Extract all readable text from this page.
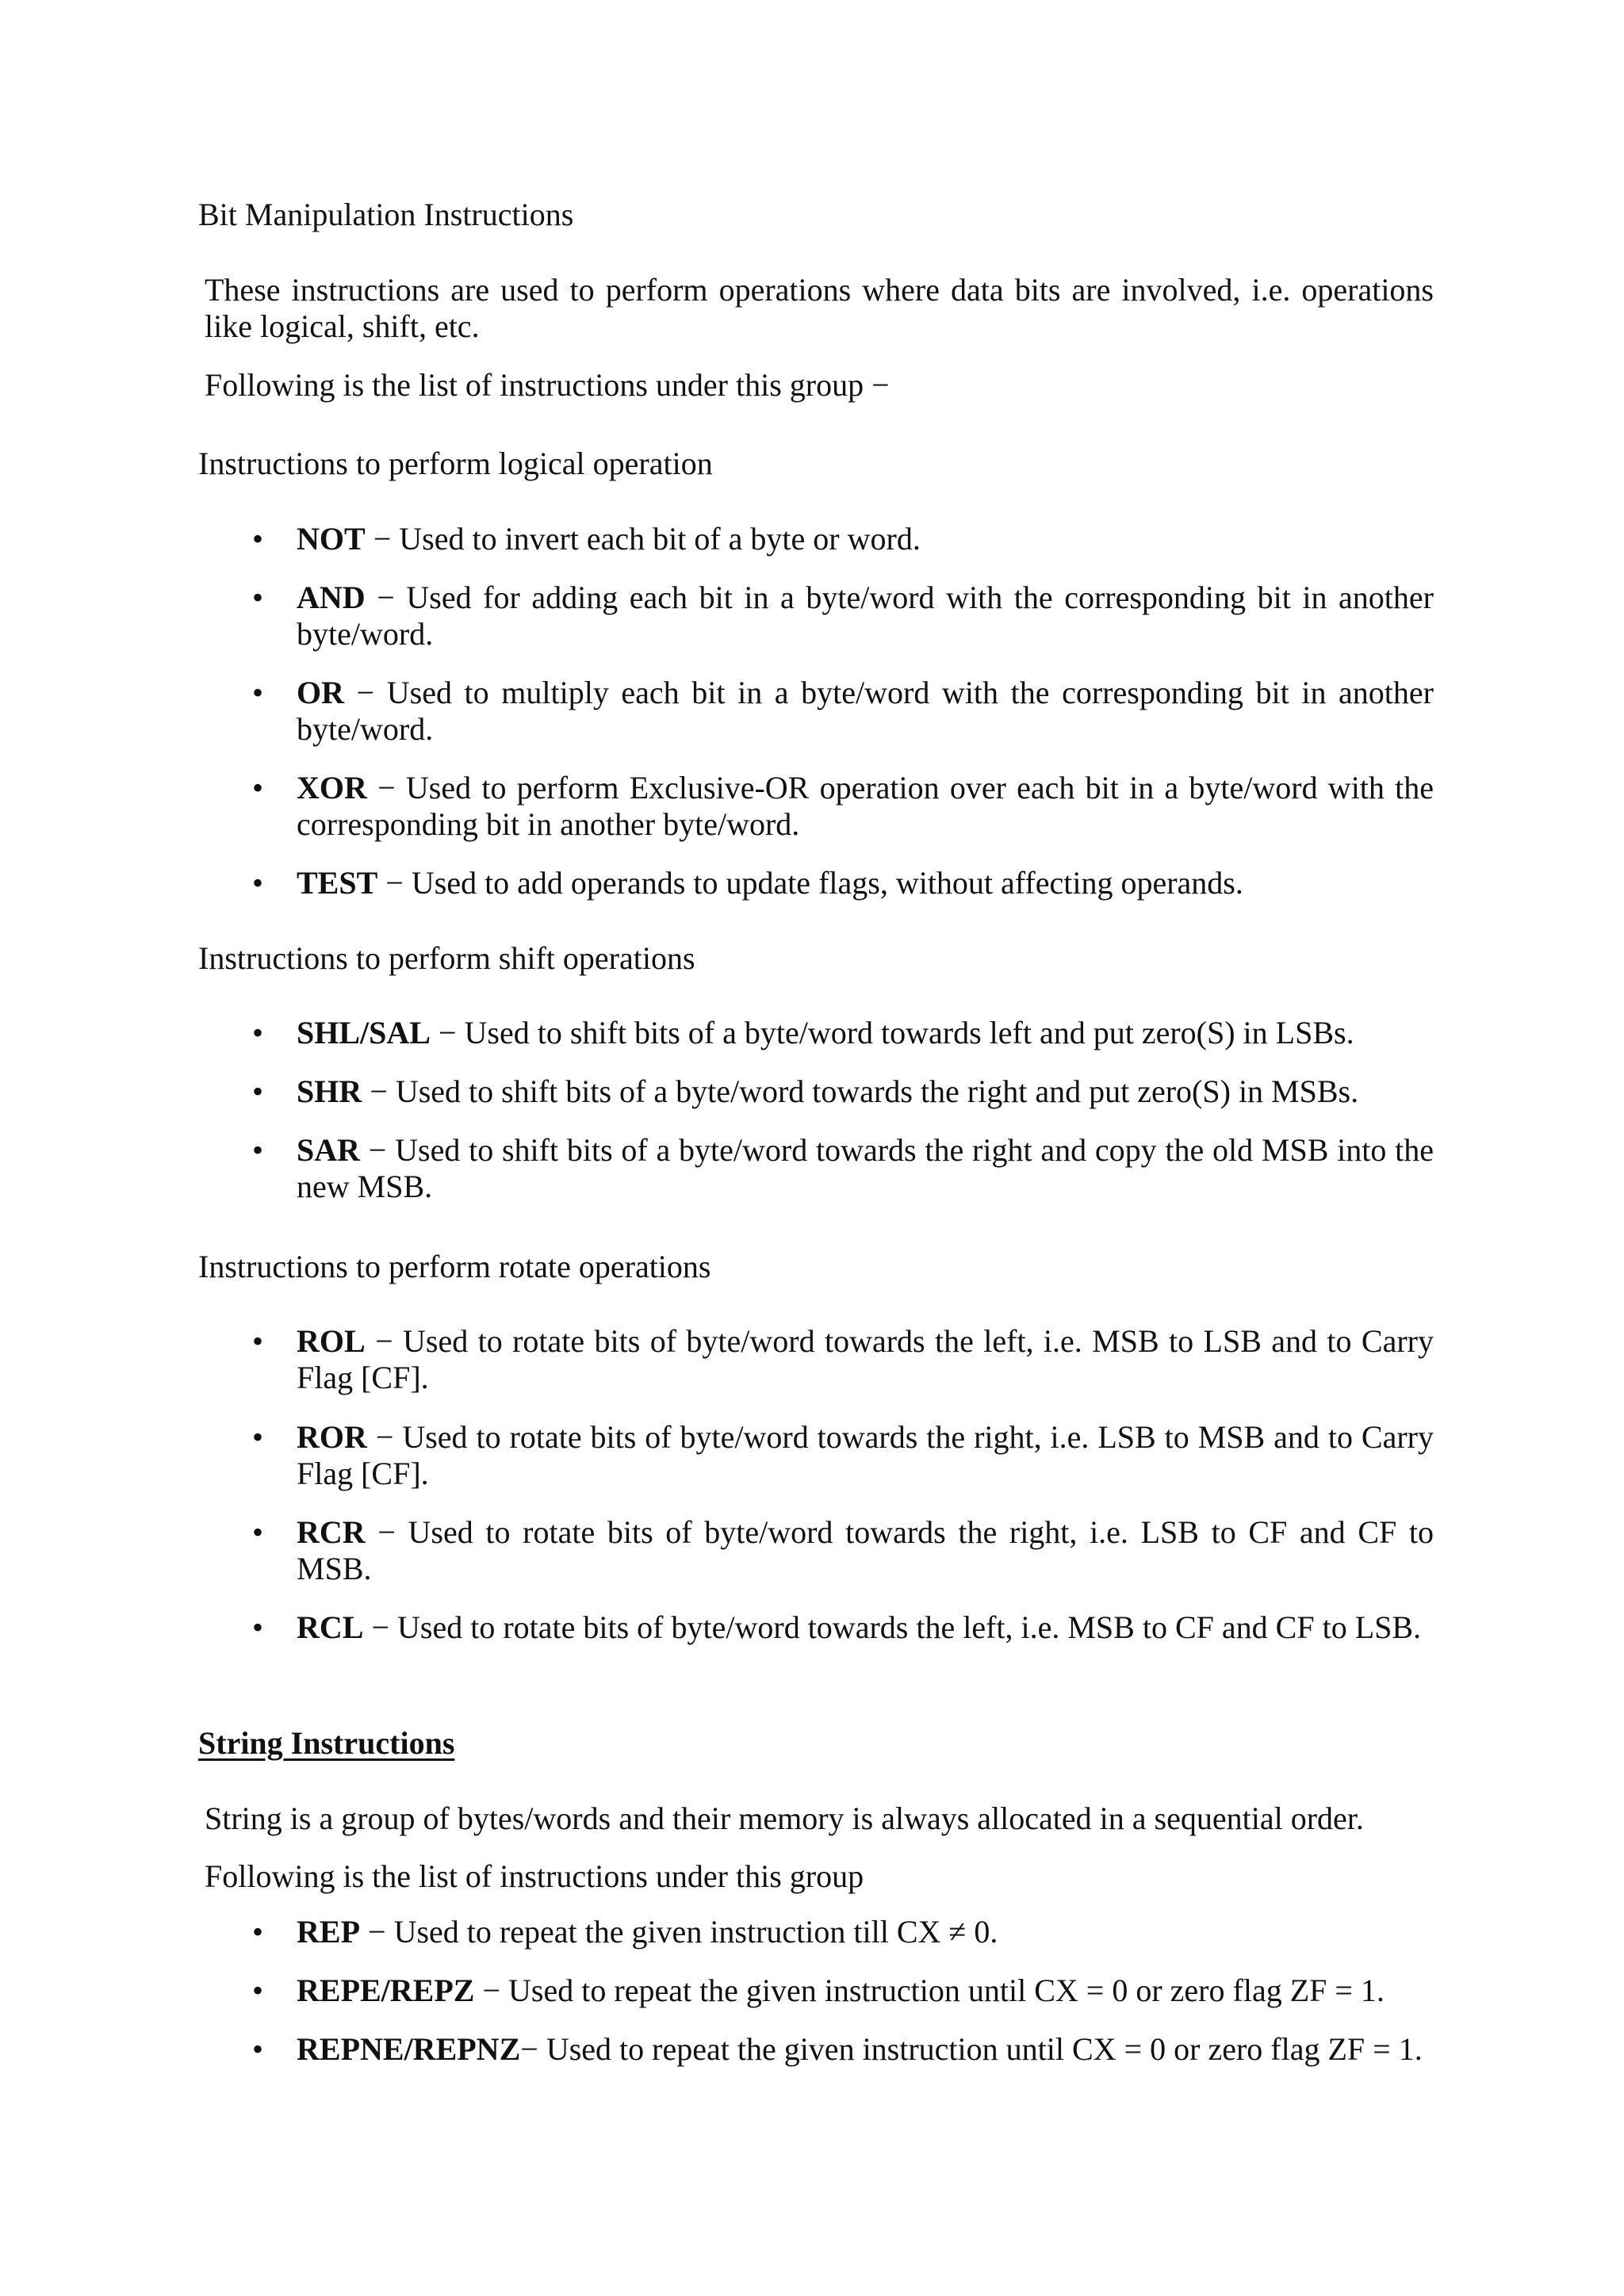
Bit Manipulation Instructions
These instructions are used to perform operations where data bits are involved, i.e. operations like logical, shift, etc.
Following is the list of instructions under this group −
Instructions to perform logical operation
•	NOT − Used to invert each bit of a byte or word.
•	AND − Used for adding each bit in a byte/word with the corresponding bit in another byte/word.
•	OR − Used to multiply each bit in a byte/word with the corresponding bit in another byte/word.
•	XOR − Used to perform Exclusive-OR operation over each bit in a byte/word with the corresponding bit in another byte/word.
•	TEST − Used to add operands to update flags, without affecting operands.
Instructions to perform shift operations
•	SHL/SAL − Used to shift bits of a byte/word towards left and put zero(S) in LSBs.
•	SHR − Used to shift bits of a byte/word towards the right and put zero(S) in MSBs.
•	SAR − Used to shift bits of a byte/word towards the right and copy the old MSB into the new MSB.
Instructions to perform rotate operations
•	ROL − Used to rotate bits of byte/word towards the left, i.e. MSB to LSB and to Carry Flag [CF].
•	ROR − Used to rotate bits of byte/word towards the right, i.e. LSB to MSB and to Carry Flag [CF].
•	RCR − Used to rotate bits of byte/word towards the right, i.e. LSB to CF and CF to MSB.
•	RCL − Used to rotate bits of byte/word towards the left, i.e. MSB to CF and CF to LSB.
String Instructions
String is a group of bytes/words and their memory is always allocated in a sequential order.
Following is the list of instructions under this group
•	REP − Used to repeat the given instruction till CX ≠ 0.
•	REPE/REPZ − Used to repeat the given instruction until CX = 0 or zero flag ZF = 1.
•	REPNE/REPNZ− Used to repeat the given instruction until CX = 0 or zero flag ZF = 1.
